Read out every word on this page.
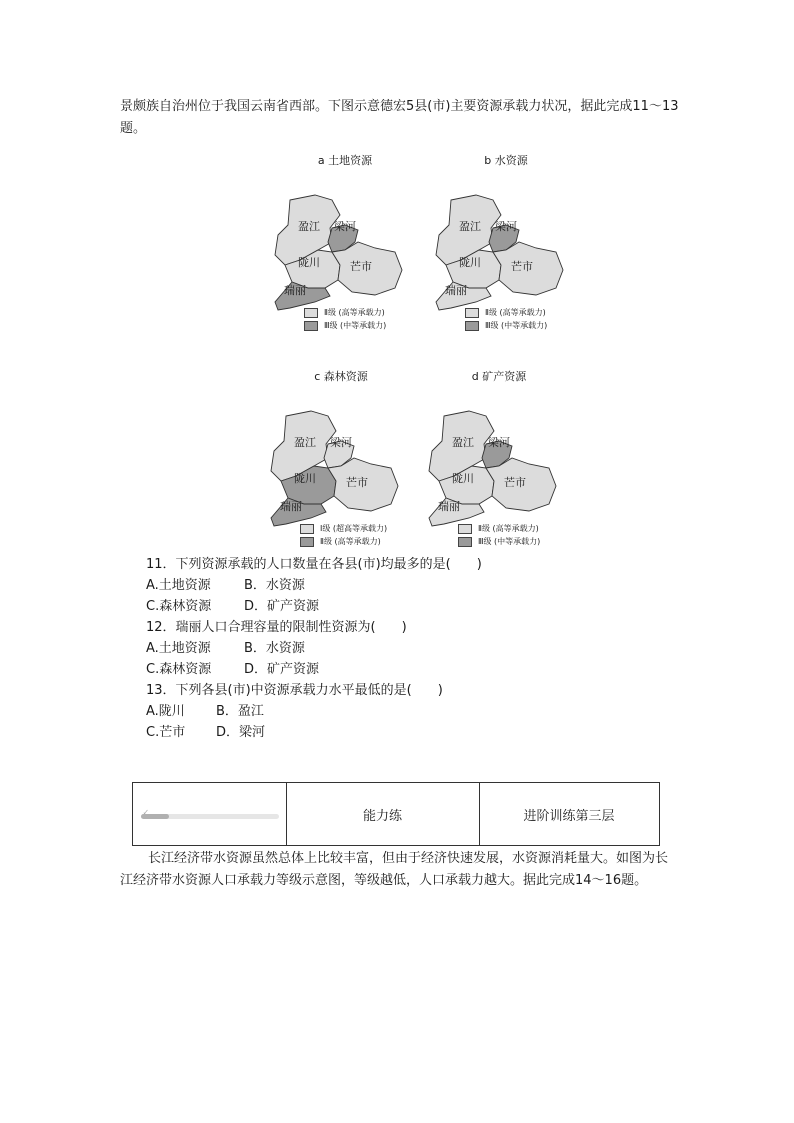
景颇族自治州位于我国云南省西部。下图示意德宏5县(市)主要资源承载力状况，据此完成11～13题。
a 土地资源
盈江 梁河
陇川	芒市
瑞丽
Ⅱ级 (高等承载力)
Ⅲ级 (中等承载力)
b 水资源
盈江 梁河
陇川	芒市
瑞丽
Ⅱ级 (高等承载力)
Ⅲ级 (中等承载力)
c 森林资源
盈江 梁河
陇川	芒市
瑞丽
Ⅰ级 (超高等承载力)
Ⅱ级 (高等承载力)
d 矿产资源
盈江 梁河
陇川	芒市
瑞丽
Ⅱ级 (高等承载力)
Ⅲ级 (中等承载力)
11．下列资源承载的人口数量在各县(市)均最多的是(　　)
A.土地资源	B．水资源
C.森林资源	D．矿产资源
12．瑞丽人口合理容量的限制性资源为(　　)
A.土地资源	B．水资源
C.森林资源	D．矿产资源
13．下列各县(市)中资源承载力水平最低的是(　　)
A.陇川 B．盈江
C.芒市 D．梁河
✓	能力练	进阶训练第三层
长江经济带水资源虽然总体上比较丰富，但由于经济快速发展，水资源消耗量大。如图为长江经济带水资源人口承载力等级示意图，等级越低，人口承载力越大。据此完成14～16题。
